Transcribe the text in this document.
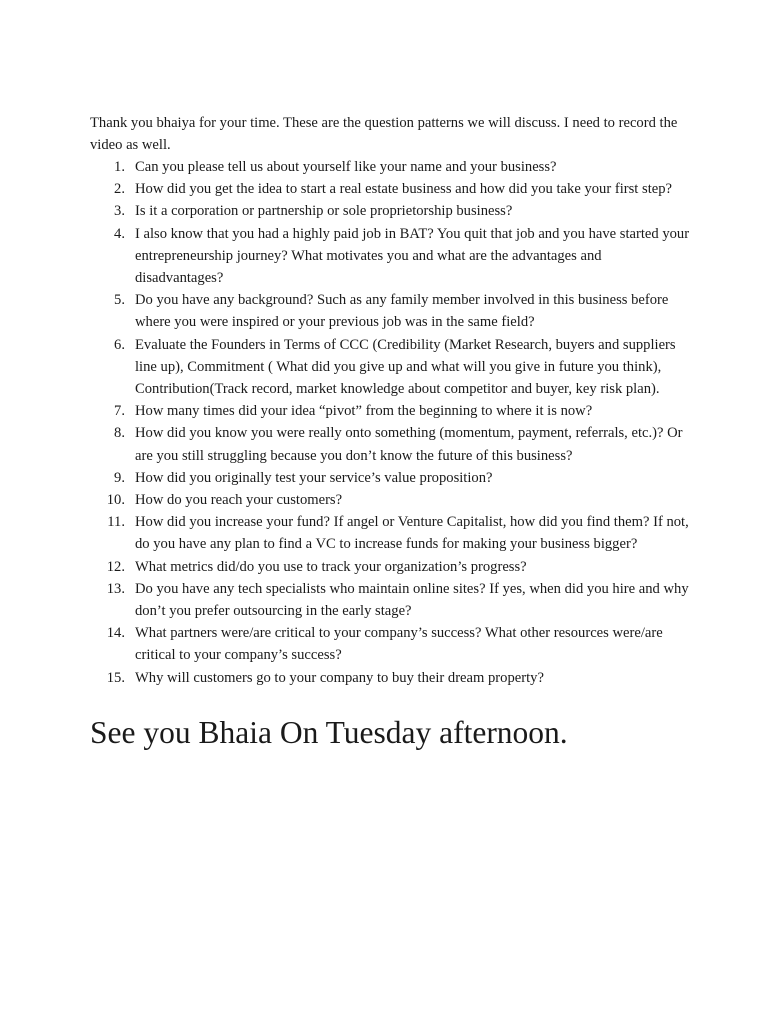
Thank you bhaiya for your time. These are the question patterns we will discuss. I need to record the video as well.

1. Can you please tell us about yourself like your name and your business?
2. How did you get the idea to start a real estate business and how did you take your first step?
3. Is it a corporation or partnership or sole proprietorship business?
4. I also know that you had a highly paid job in BAT? You quit that job and you have started your entrepreneurship journey? What motivates you and what are the advantages and disadvantages?
5. Do you have any background? Such as any family member involved in this business before where you were inspired or your previous job was in the same field?
6. Evaluate the Founders in Terms of CCC (Credibility (Market Research, buyers and suppliers line up), Commitment ( What did you give up and what will you give in future you think), Contribution(Track record, market knowledge about competitor and buyer, key risk plan).
7. How many times did your idea “pivot” from the beginning to where it is now?
8. How did you know you were really onto something (momentum, payment, referrals, etc.)? Or are you still struggling because you don’t know the future of this business?
9. How did you originally test your service’s value proposition?
10. How do you reach your customers?
11. How did you increase your fund? If angel or Venture Capitalist, how did you find them? If not, do you have any plan to find a VC to increase funds for making your business bigger?
12. What metrics did/do you use to track your organization’s progress?
13. Do you have any tech specialists who maintain online sites? If yes, when did you hire and why don’t you prefer outsourcing in the early stage?
14. What partners were/are critical to your company’s success? What other resources were/are critical to your company’s success?
15. Why will customers go to your company to buy their dream property?
See you Bhaia On Tuesday afternoon.
